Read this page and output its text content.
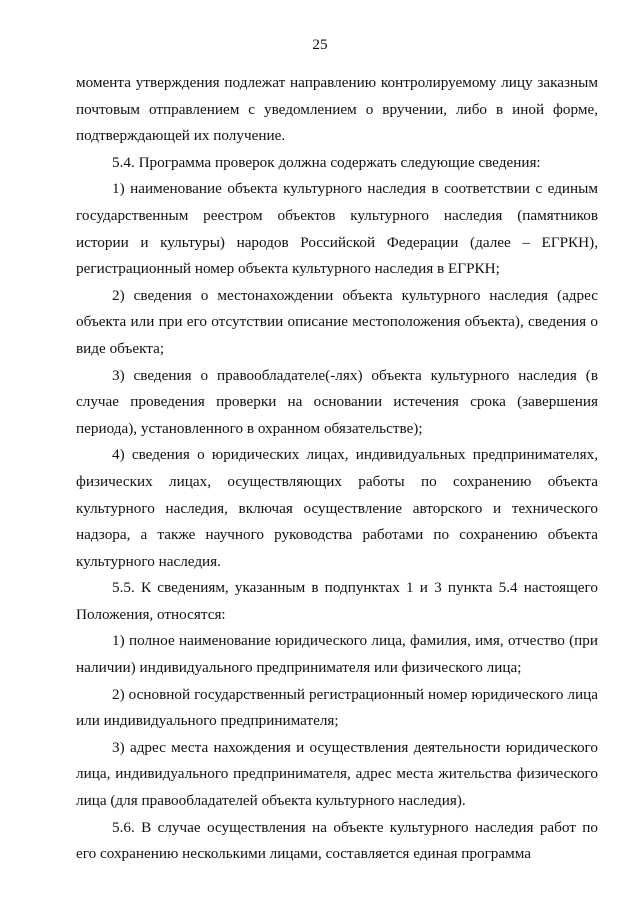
25

момента утверждения подлежат направлению контролируемому лицу заказным почтовым отправлением с уведомлением о вручении, либо в иной форме, подтверждающей их получение.

5.4. Программа проверок должна содержать следующие сведения:

1) наименование объекта культурного наследия в соответствии с единым государственным реестром объектов культурного наследия (памятников истории и культуры) народов Российской Федерации (далее – ЕГРКН), регистрационный номер объекта культурного наследия в ЕГРКН;

2) сведения о местонахождении объекта культурного наследия (адрес объекта или при его отсутствии описание местоположения объекта), сведения о виде объекта;

3) сведения о правообладателе(-лях) объекта культурного наследия (в случае проведения проверки на основании истечения срока (завершения периода), установленного в охранном обязательстве);

4) сведения о юридических лицах, индивидуальных предпринимателях, физических лицах, осуществляющих работы по сохранению объекта культурного наследия, включая осуществление авторского и технического надзора, а также научного руководства работами по сохранению объекта культурного наследия.

5.5. К сведениям, указанным в подпунктах 1 и 3 пункта 5.4 настоящего Положения, относятся:

1) полное наименование юридического лица, фамилия, имя, отчество (при наличии) индивидуального предпринимателя или физического лица;

2) основной государственный регистрационный номер юридического лица или индивидуального предпринимателя;

3) адрес места нахождения и осуществления деятельности юридического лица, индивидуального предпринимателя, адрес места жительства физического лица (для правообладателей объекта культурного наследия).

5.6. В случае осуществления на объекте культурного наследия работ по его сохранению несколькими лицами, составляется единая программа
